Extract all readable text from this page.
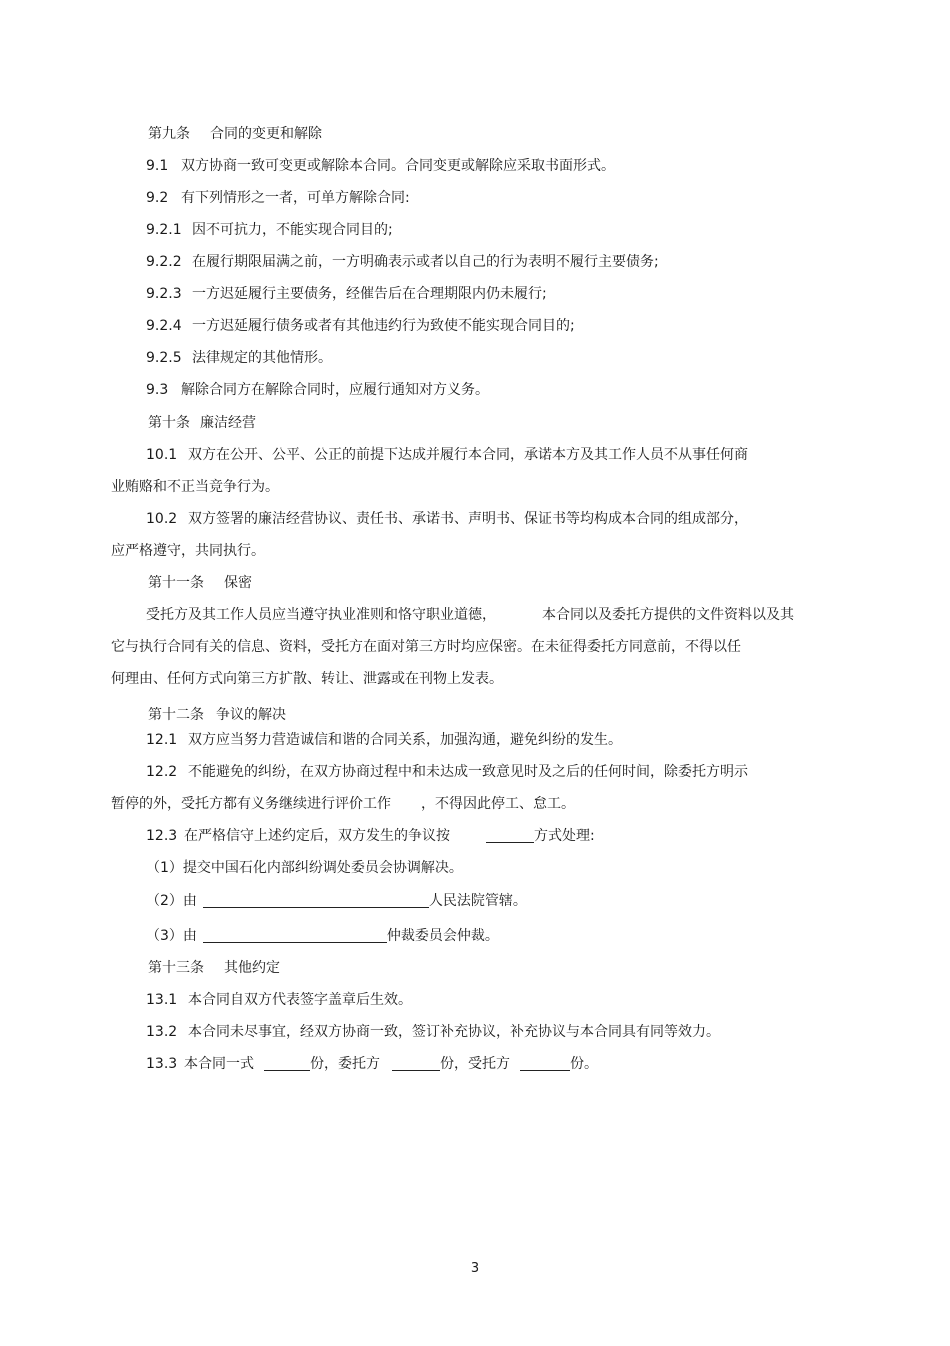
第九条 合同的变更和解除
9.1 双方协商一致可变更或解除本合同。合同变更或解除应采取书面形式。
9.2 有下列情形之一者，可单方解除合同:
9.2.1 因不可抗力，不能实现合同目的;
9.2.2 在履行期限届满之前，一方明确表示或者以自己的行为表明不履行主要债务;
9.2.3 一方迟延履行主要债务，经催告后在合理期限内仍未履行;
9.2.4 一方迟延履行债务或者有其他违约行为致使不能实现合同目的;
9.2.5 法律规定的其他情形。
9.3 解除合同方在解除合同时，应履行通知对方义务。
第十条 廉洁经营
10.1 双方在公开、公平、公正的前提下达成并履行本合同，承诺本方及其工作人员不从事任何商
业贿赂和不正当竞争行为。
10.2 双方签署的廉洁经营协议、责任书、承诺书、声明书、保证书等均构成本合同的组成部分，
应严格遵守，共同执行。
第十一条 保密
受托方及其工作人员应当遵守执业准则和恪守职业道德，	本合同以及委托方提供的文件资料以及其
它与执行合同有关的信息、资料，受托方在面对第三方时均应保密。在未征得委托方同意前，不得以任
何理由、任何方式向第三方扩散、转让、泄露或在刊物上发表。
第十二条 争议的解决
12.1 双方应当努力营造诚信和谐的合同关系，加强沟通，避免纠纷的发生。
12.2 不能避免的纠纷，在双方协商过程中和未达成一致意见时及之后的任何时间，除委托方明示
暂停的外，受托方都有义务继续进行评价工作 ，不得因此停工、怠工。
12.3 在严格信守上述约定后，双方发生的争议按	方式处理:
（1）提交中国石化内部纠纷调处委员会协调解决。
（2）由	人民法院管辖。
（3）由	仲裁委员会仲裁。
第十三条 其他约定
13.1 本合同自双方代表签字盖章后生效。
13.2 本合同未尽事宜，经双方协商一致，签订补充协议，补充协议与本合同具有同等效力。
13.3 本合同一式	份，委托方	份，受托方	份。
3
